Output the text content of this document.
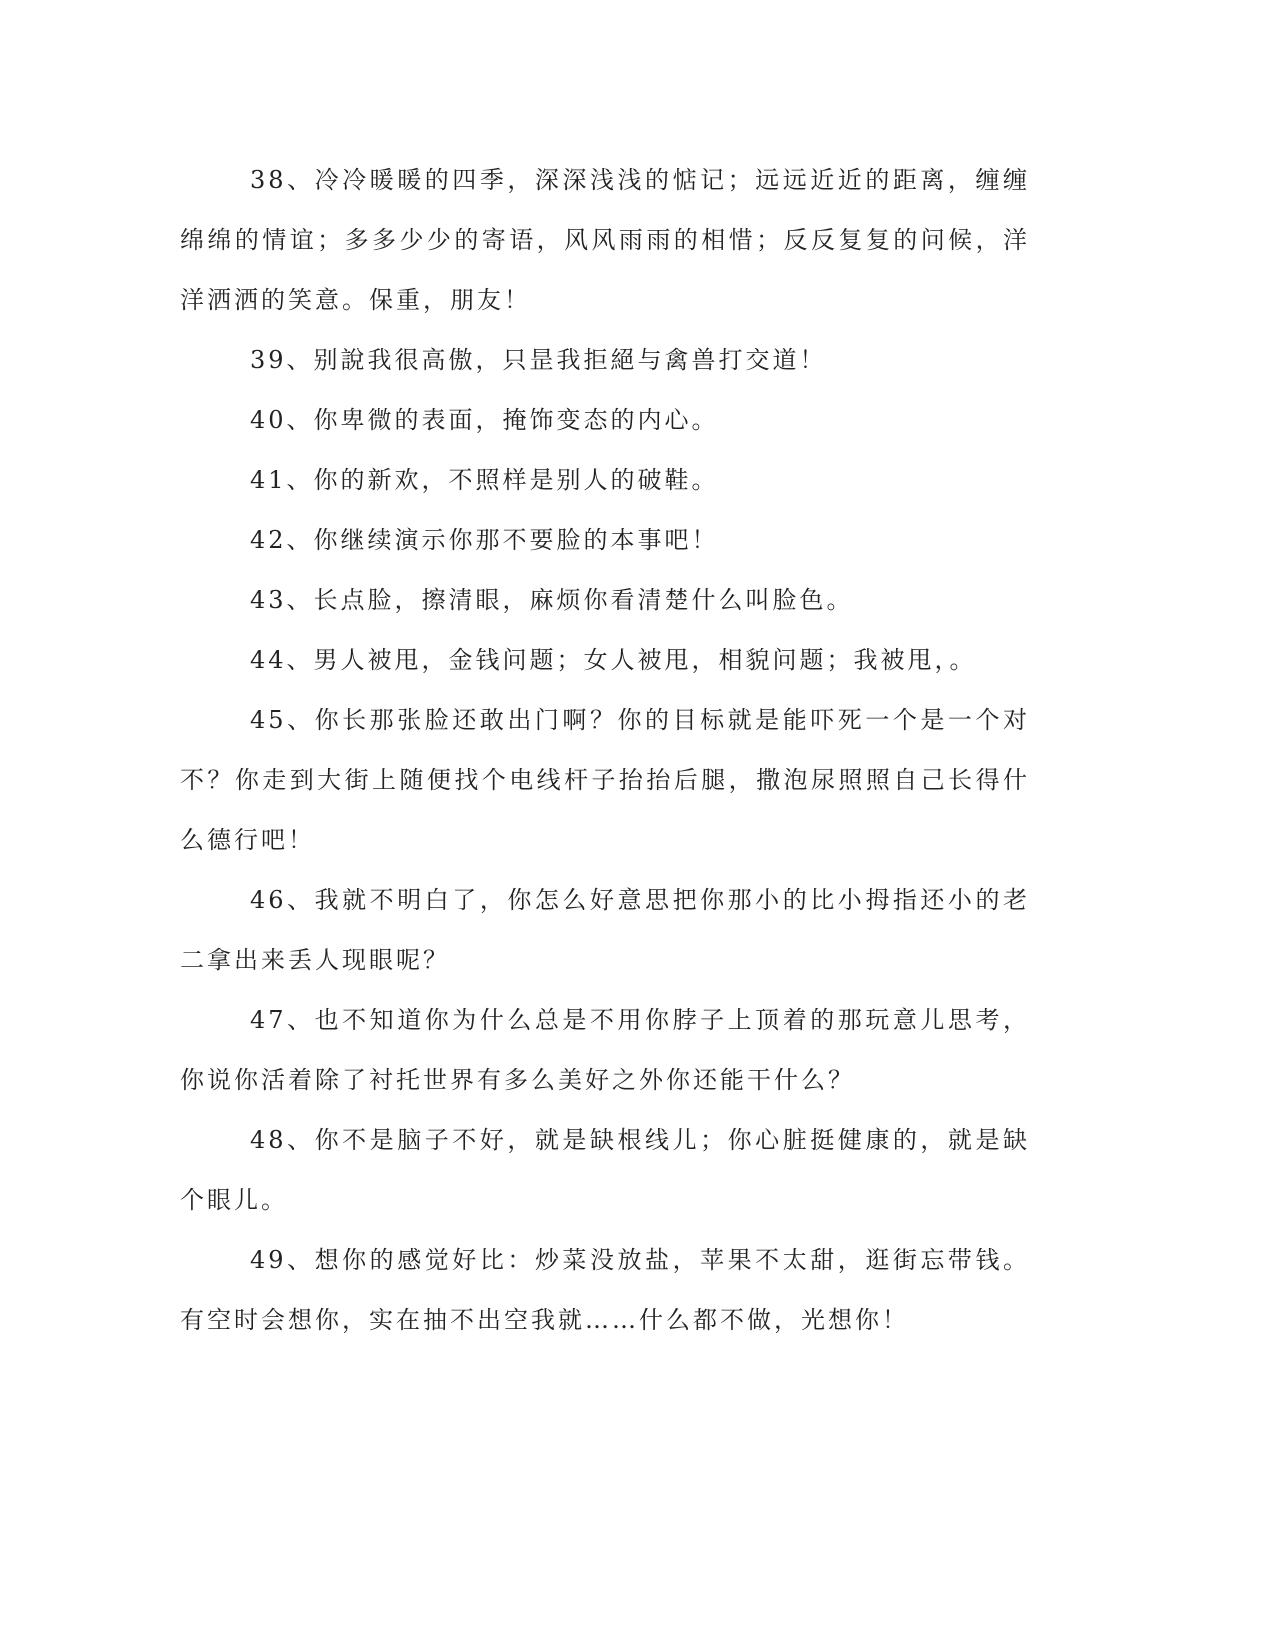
38、冷冷暖暖的四季，深深浅浅的惦记；远远近近的距离，缠缠绵绵的情谊；多多少少的寄语，风风雨雨的相惜；反反复复的问候，洋洋洒洒的笑意。保重，朋友！

39、别說我很高傲，只昰我拒絕与禽兽打交道！

40、你卑微的表面，掩饰变态的内心。

41、你的新欢，不照样是别人的破鞋。

42、你继续演示你那不要脸的本事吧！

43、长点脸，擦清眼，麻烦你看清楚什么叫脸色。

44、男人被甩，金钱问题；女人被甩，相貌问题；我被甩，。

45、你长那张脸还敢出门啊？你的目标就是能吓死一个是一个对不？你走到大街上随便找个电线杆子抬抬后腿，撒泡尿照照自己长得什么德行吧！

46、我就不明白了，你怎么好意思把你那小的比小拇指还小的老二拿出来丢人现眼呢？

47、也不知道你为什么总是不用你脖子上顶着的那玩意儿思考，你说你活着除了衬托世界有多么美好之外你还能干什么？

48、你不是脑子不好，就是缺根线儿；你心脏挺健康的，就是缺个眼儿。

49、想你的感觉好比：炒菜没放盐，苹果不太甜，逛街忘带钱。有空时会想你，实在抽不出空我就……什么都不做，光想你！
